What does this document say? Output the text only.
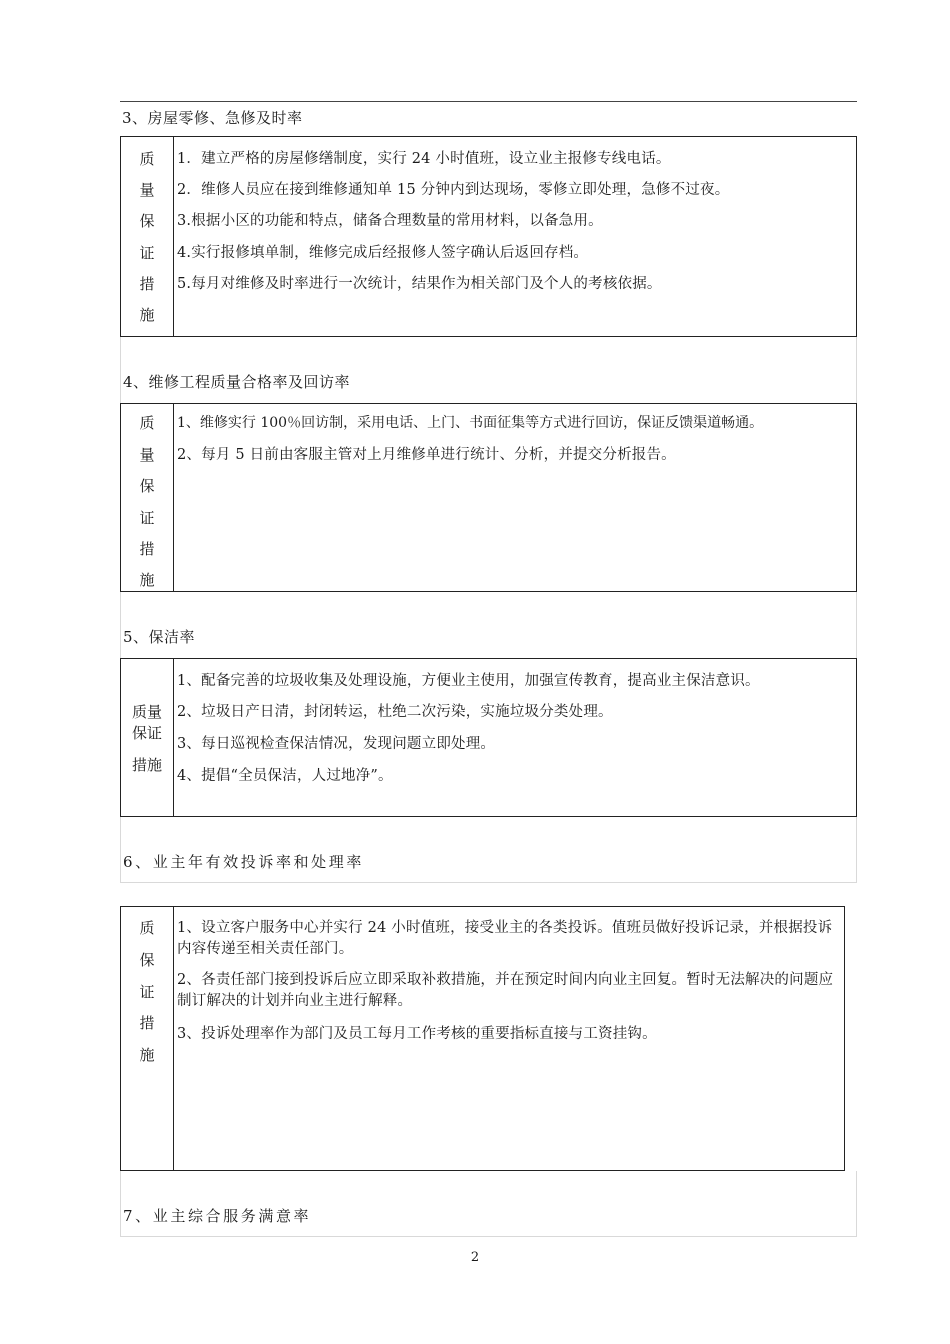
3、房屋零修、急修及时率
质
量
保
证
措
施
1．建立严格的房屋修缮制度，实行 24 小时值班，设立业主报修专线电话。
2．维修人员应在接到维修通知单 15 分钟内到达现场，零修立即处理，急修不过夜。
3.根据小区的功能和特点，储备合理数量的常用材料，以备急用。
4.实行报修填单制，维修完成后经报修人签字确认后返回存档。
5.每月对维修及时率进行一次统计，结果作为相关部门及个人的考核依据。
4、维修工程质量合格率及回访率
质
量
保
证
措
施
1、维修实行 100％回访制，采用电话、上门、书面征集等方式进行回访，保证反馈渠道畅通。
2、每月 5 日前由客服主管对上月维修单进行统计、分析，并提交分析报告。
5、保洁率
质量
保证
措施
1、配备完善的垃圾收集及处理设施，方便业主使用，加强宣传教育，提高业主保洁意识。
2、垃圾日产日清，封闭转运，杜绝二次污染，实施垃圾分类处理。
3、每日巡视检查保洁情况，发现问题立即处理。
4、提倡“全员保洁，人过地净”。
6、业主年有效投诉率和处理率
质
保
证
措
施
1、设立客户服务中心并实行 24 小时值班，接受业主的各类投诉。值班员做好投诉记录，并根据投诉内容传递至相关责任部门。
2、各责任部门接到投诉后应立即采取补救措施，并在预定时间内向业主回复。暂时无法解决的问题应制订解决的计划并向业主进行解释。
3、投诉处理率作为部门及员工每月工作考核的重要指标直接与工资挂钩。
7、业主综合服务满意率
2
